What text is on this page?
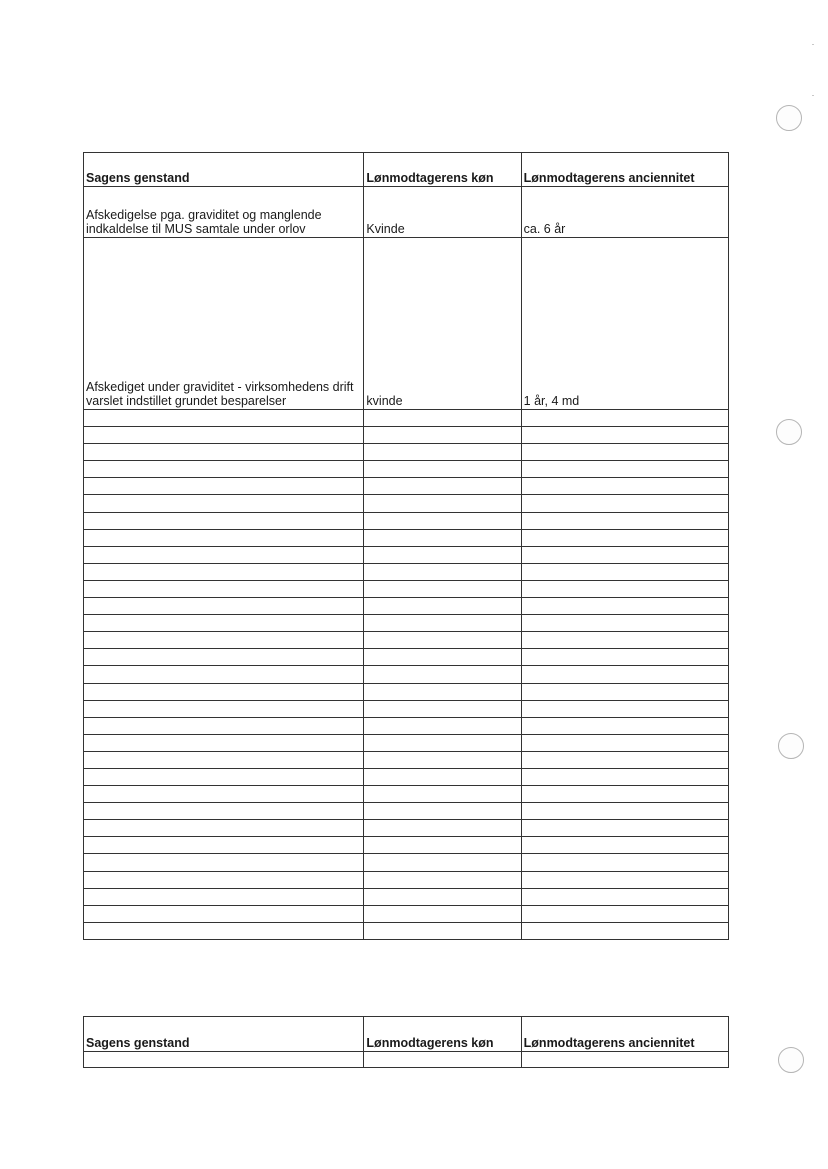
Sagens genstand	Lønmodtagerens køn	Lønmodtagerens anciennitet
Afskedigelse pga. graviditet og manglende indkaldelse til MUS samtale under orlov	Kvinde	ca. 6 år
Afskediget under graviditet - virksomhedens drift varslet indstillet grundet besparelser	kvinde	1 år, 4 md

Sagens genstand	Lønmodtagerens køn	Lønmodtagerens anciennitet
